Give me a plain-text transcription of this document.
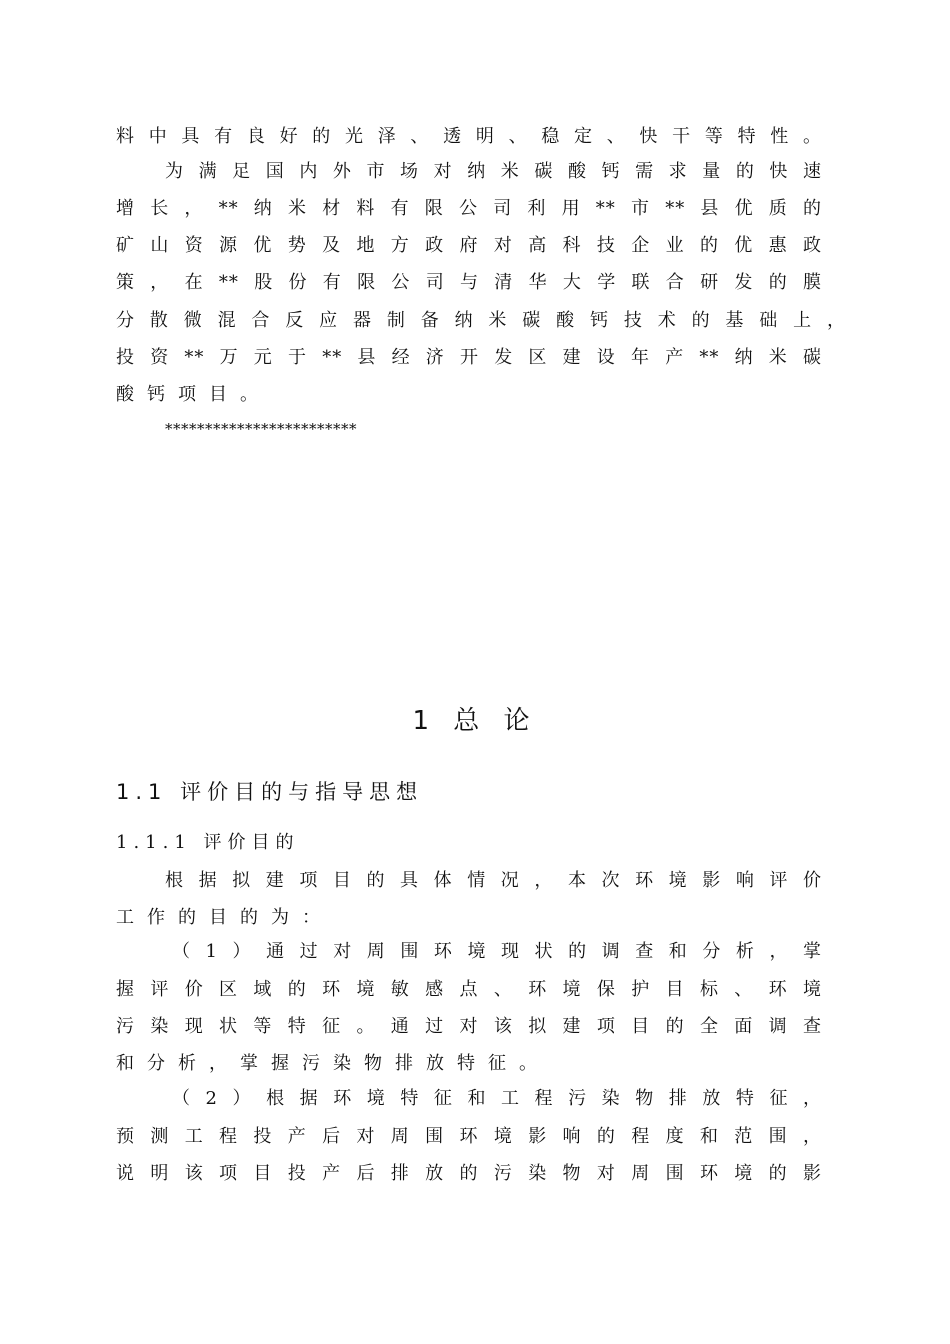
料中具有良好的光泽、透明、稳定、快干等特性。
为满足国内外市场对纳米碳酸钙需求量的快速
增长，**纳米材料有限公司利用**市**县优质的
矿山资源优势及地方政府对高科技企业的优惠政
策，在**股份有限公司与清华大学联合研发的膜
分散微混合反应器制备纳米碳酸钙技术的基础上，
投资**万元于**县经济开发区建设年产**纳米碳
酸钙项目。
************************
1 总 论
1.1 评价目的与指导思想
1.1.1 评价目的
根据拟建项目的具体情况，本次环境影响评价
工作的目的为：
（1）通过对周围环境现状的调查和分析，掌
握评价区域的环境敏感点、环境保护目标、环境
污染现状等特征。通过对该拟建项目的全面调查
和分析，掌握污染物排放特征。
（2）根据环境特征和工程污染物排放特征，
预测工程投产后对周围环境影响的程度和范围，
说明该项目投产后排放的污染物对周围环境的影
